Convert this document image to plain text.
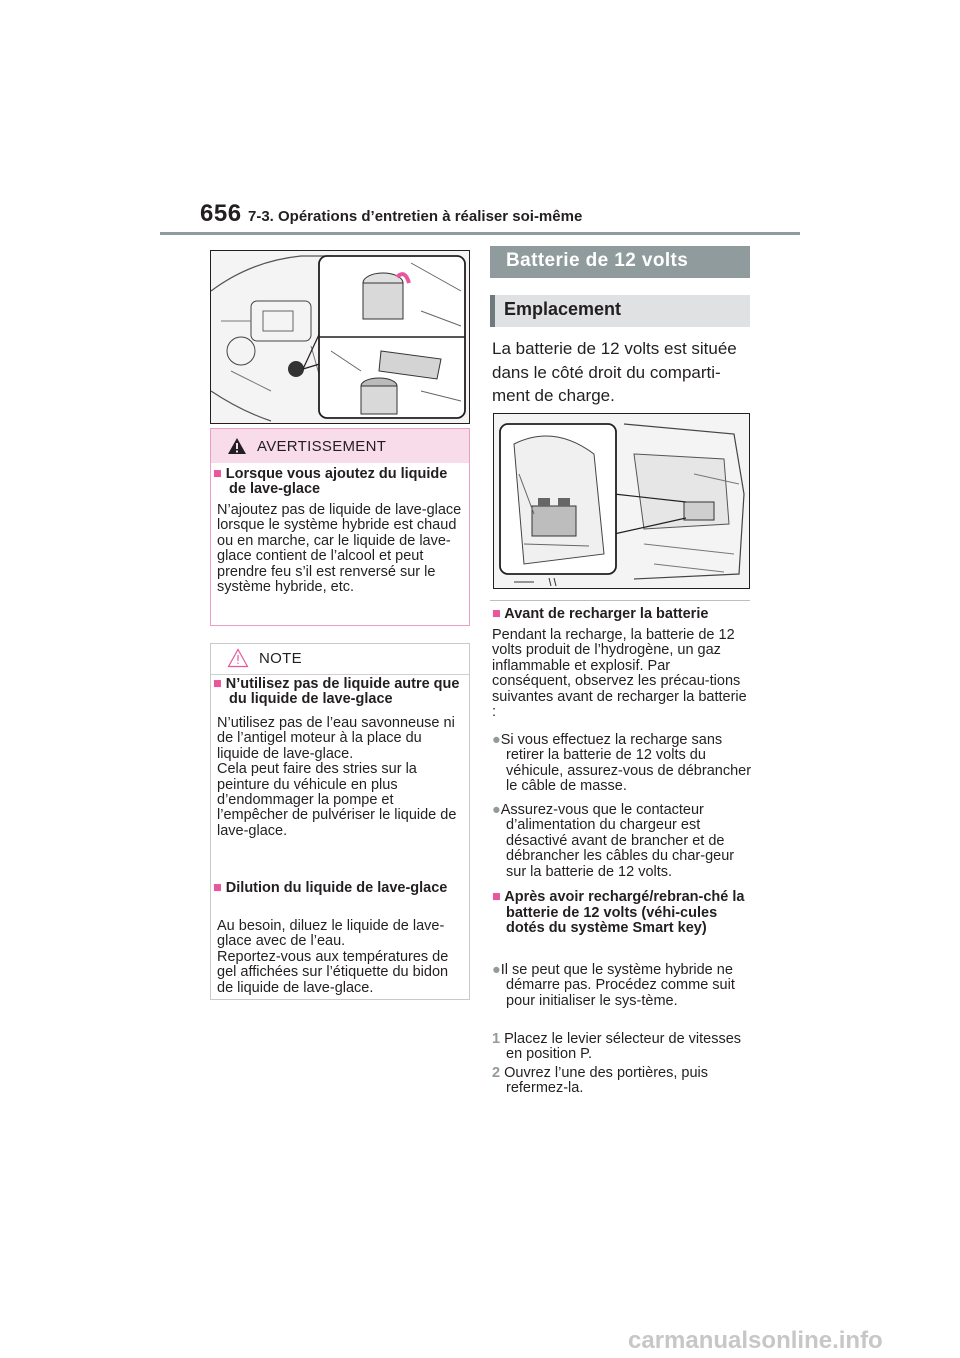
656 7-3. Opérations d’entretien à réaliser soi-même
AVERTISSEMENT
■ Lorsque vous ajoutez du liquide de lave-glace
N’ajoutez pas de liquide de lave-glace lorsque le système hybride est chaud ou en marche, car le liquide de lave-glace contient de l’alcool et peut prendre feu s’il est renversé sur le système hybride, etc.
NOTE
■ N’utilisez pas de liquide autre que du liquide de lave-glace
N’utilisez pas de l’eau savonneuse ni de l’antigel moteur à la place du liquide de lave-glace.
Cela peut faire des stries sur la peinture du véhicule en plus d’endommager la pompe et l’empêcher de pulvériser le liquide de lave-glace.
■ Dilution du liquide de lave-glace
Au besoin, diluez le liquide de lave-glace avec de l’eau.
Reportez-vous aux températures de gel affichées sur l’étiquette du bidon de liquide de lave-glace.
Batterie de 12 volts
Emplacement
La batterie de 12 volts est située dans le côté droit du comparti-ment de charge.
■ Avant de recharger la batterie
Pendant la recharge, la batterie de 12 volts produit de l’hydrogène, un gaz inflammable et explosif. Par conséquent, observez les précau-tions suivantes avant de recharger la batterie :
●Si vous effectuez la recharge sans retirer la batterie de 12 volts du véhicule, assurez-vous de débrancher le câble de masse.
●Assurez-vous que le contacteur d’alimentation du chargeur est désactivé avant de brancher et de débrancher les câbles du char-geur sur la batterie de 12 volts.
■ Après avoir rechargé/rebran-ché la batterie de 12 volts (véhi-cules dotés du système Smart key)
●Il se peut que le système hybride ne démarre pas. Procédez comme suit pour initialiser le sys-tème.
1 Placez le levier sélecteur de vitesses en position P.
2 Ouvrez l’une des portières, puis refermez-la.
carmanualsonline.info
